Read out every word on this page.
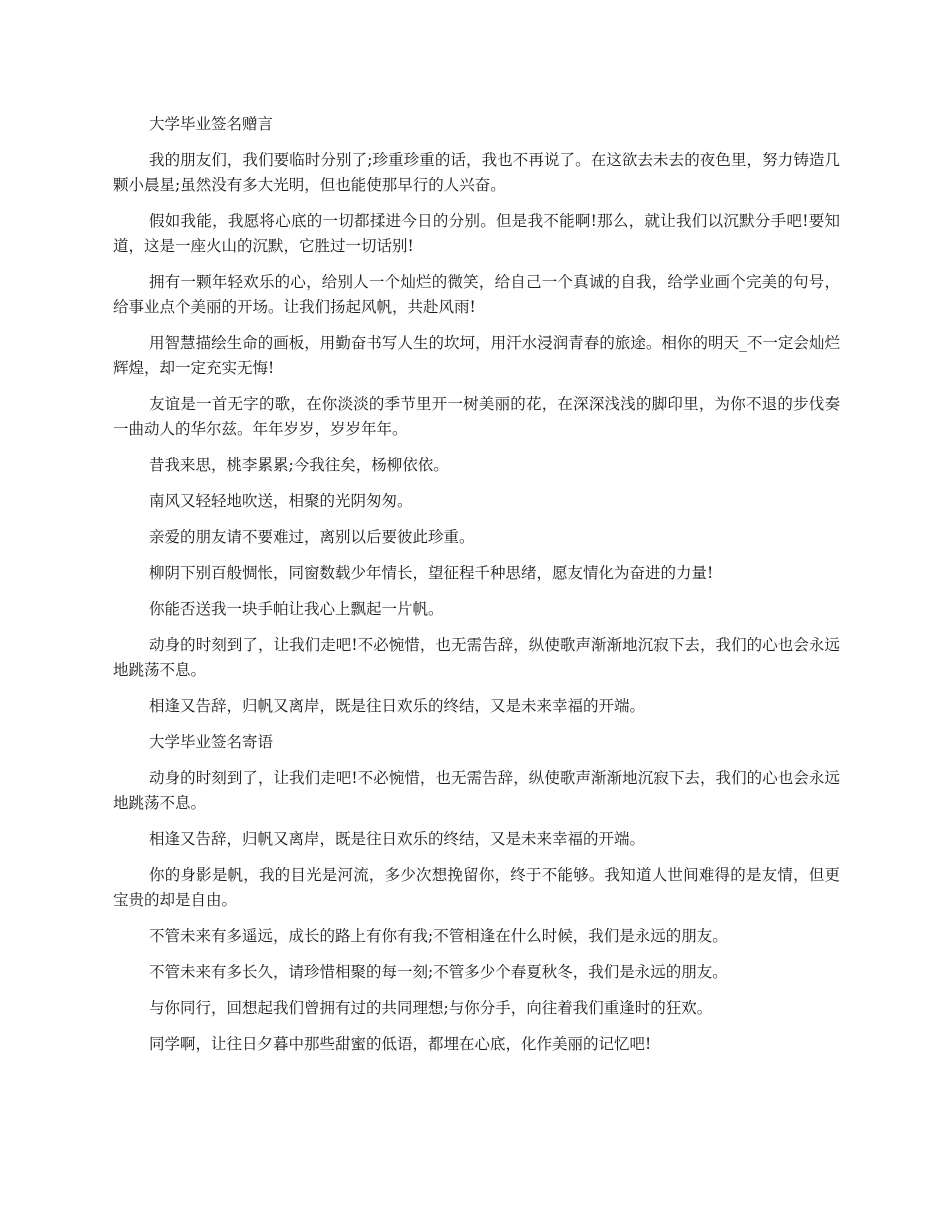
大学毕业签名赠言

我的朋友们，我们要临时分别了;珍重珍重的话，我也不再说了。在这欲去未去的夜色里，努力铸造几颗小晨星;虽然没有多大光明，但也能使那早行的人兴奋。

假如我能，我愿将心底的一切都揉进今日的分别。但是我不能啊!那么，就让我们以沉默分手吧!要知道，这是一座火山的沉默，它胜过一切话别!

拥有一颗年轻欢乐的心，给别人一个灿烂的微笑，给自己一个真诚的自我，给学业画个完美的句号，给事业点个美丽的开场。让我们扬起风帆，共赴风雨!

用智慧描绘生命的画板，用勤奋书写人生的坎坷，用汗水浸润青春的旅途。相你的明天_不一定会灿烂辉煌，却一定充实无悔!

友谊是一首无字的歌，在你淡淡的季节里开一树美丽的花，在深深浅浅的脚印里，为你不退的步伐奏一曲动人的华尔兹。年年岁岁，岁岁年年。

昔我来思，桃李累累;今我往矣，杨柳依依。

南风又轻轻地吹送，相聚的光阴匆匆。

亲爱的朋友请不要难过，离别以后要彼此珍重。

柳阴下别百般惆怅，同窗数载少年情长，望征程千种思绪，愿友情化为奋进的力量!

你能否送我一块手帕让我心上飘起一片帆。

动身的时刻到了，让我们走吧!不必惋惜，也无需告辞，纵使歌声渐渐地沉寂下去，我们的心也会永远地跳荡不息。

相逢又告辞，归帆又离岸，既是往日欢乐的终结，又是未来幸福的开端。

大学毕业签名寄语

动身的时刻到了，让我们走吧!不必惋惜，也无需告辞，纵使歌声渐渐地沉寂下去，我们的心也会永远地跳荡不息。

相逢又告辞，归帆又离岸，既是往日欢乐的终结，又是未来幸福的开端。

你的身影是帆，我的目光是河流，多少次想挽留你，终于不能够。我知道人世间难得的是友情，但更宝贵的却是自由。

不管未来有多遥远，成长的路上有你有我;不管相逢在什么时候，我们是永远的朋友。

不管未来有多长久，请珍惜相聚的每一刻;不管多少个春夏秋冬，我们是永远的朋友。

与你同行，回想起我们曾拥有过的共同理想;与你分手，向往着我们重逢时的狂欢。

同学啊，让往日夕暮中那些甜蜜的低语，都埋在心底，化作美丽的记忆吧!
